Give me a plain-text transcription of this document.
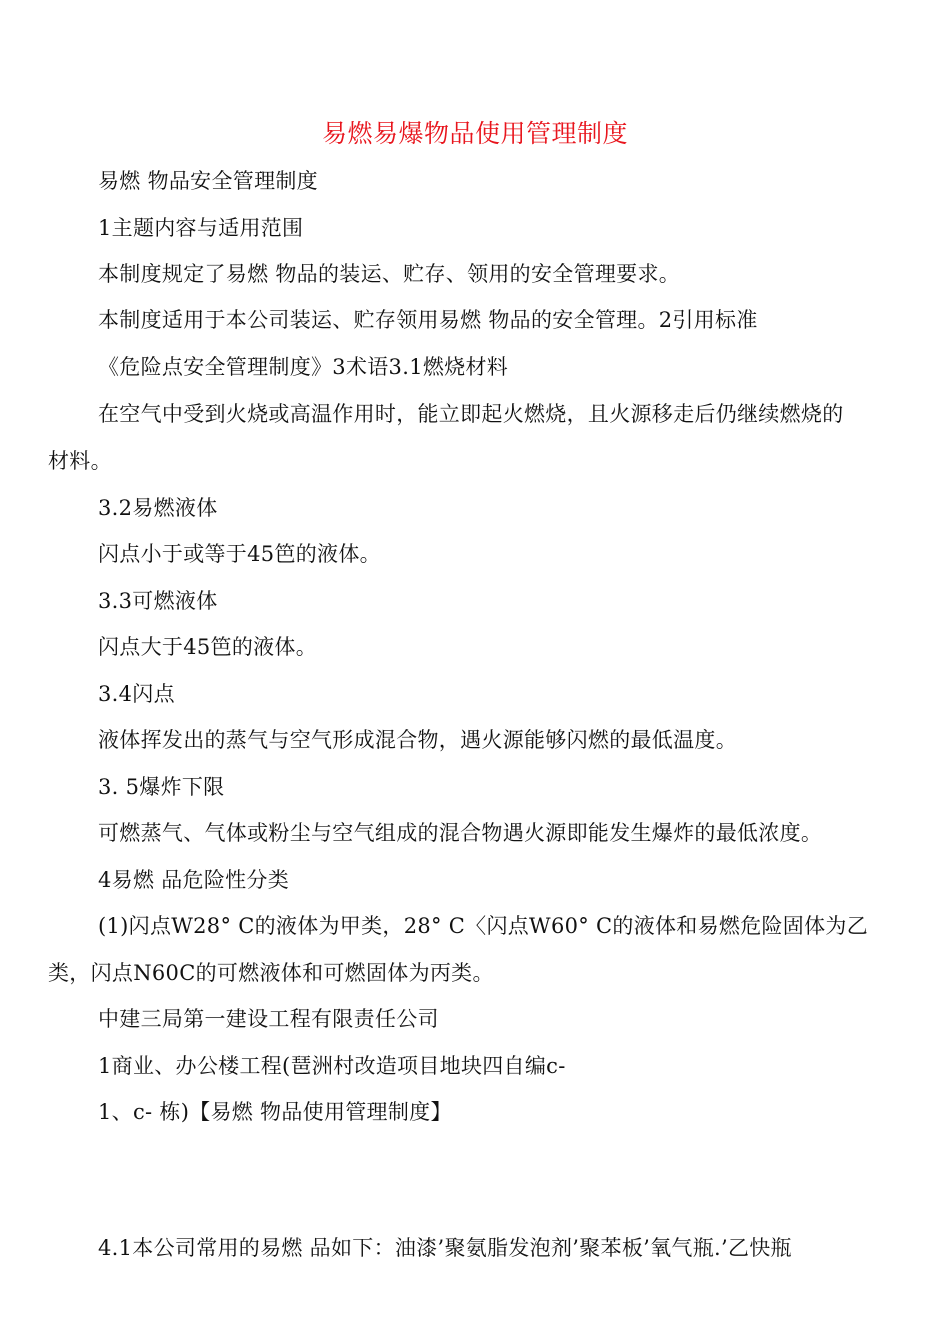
易燃易爆物品使用管理制度
易燃 物品安全管理制度
1主题内容与适用范围
本制度规定了易燃 物品的装运、贮存、领用的安全管理要求。
本制度适用于本公司装运、贮存领用易燃 物品的安全管理。2引用标准
《危险点安全管理制度》3术语3.1燃烧材料
在空气中受到火烧或高温作用时，能立即起火燃烧，且火源移走后仍继续燃烧的
材料。
3.2易燃液体
闪点小于或等于45笆的液体。
3.3可燃液体
闪点大于45笆的液体。
3.4闪点
液体挥发出的蒸气与空气形成混合物，遇火源能够闪燃的最低温度。
3. 5爆炸下限
可燃蒸气、气体或粉尘与空气组成的混合物遇火源即能发生爆炸的最低浓度。
4易燃 品危险性分类
(1)闪点W28° C的液体为甲类，28° C〈闪点W60° C的液体和易燃危险固体为乙
类，闪点N60C的可燃液体和可燃固体为丙类。
中建三局第一建设工程有限责任公司
1商业、办公楼工程(琶洲村改造项目地块四自编c-
1、c- 栋)【易燃 物品使用管理制度】
4.1本公司常用的易燃 品如下：油漆’聚氨脂发泡剂’聚苯板’氧气瓶.’乙快瓶
